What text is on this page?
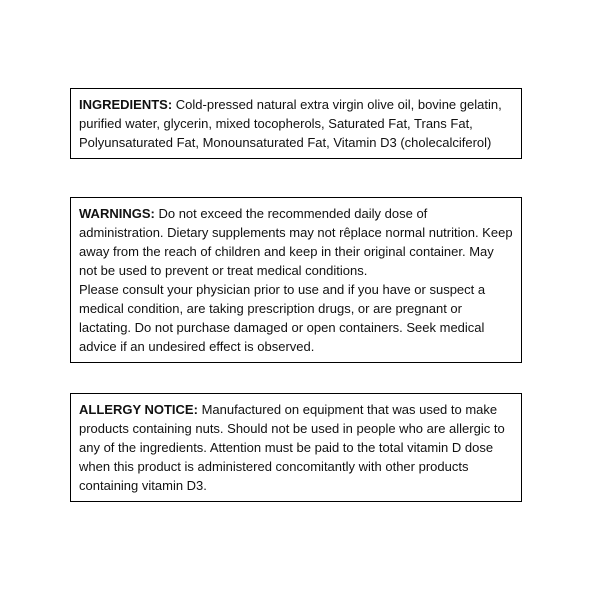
INGREDIENTS: Cold-pressed natural extra virgin olive oil, bovine gelatin, purified water, glycerin, mixed tocopherols, Saturated Fat, Trans Fat, Polyunsaturated Fat, Monounsaturated Fat, Vitamin D3 (cholecalciferol)

WARNINGS: Do not exceed the recommended daily dose of administration. Dietary supplements may not rêplace normal nutrition. Keep away from the reach of children and keep in their original container. May not be used to prevent or treat medical conditions.
Please consult your physician prior to use and if you have or suspect a medical condition, are taking prescription drugs, or are pregnant or lactating. Do not purchase damaged or open containers. Seek medical advice if an undesired effect is observed.

ALLERGY NOTICE: Manufactured on equipment that was used to make products containing nuts. Should not be used in people who are allergic to any of the ingredients. Attention must be paid to the total vitamin D dose when this product is administered concomitantly with other products containing vitamin D3.
